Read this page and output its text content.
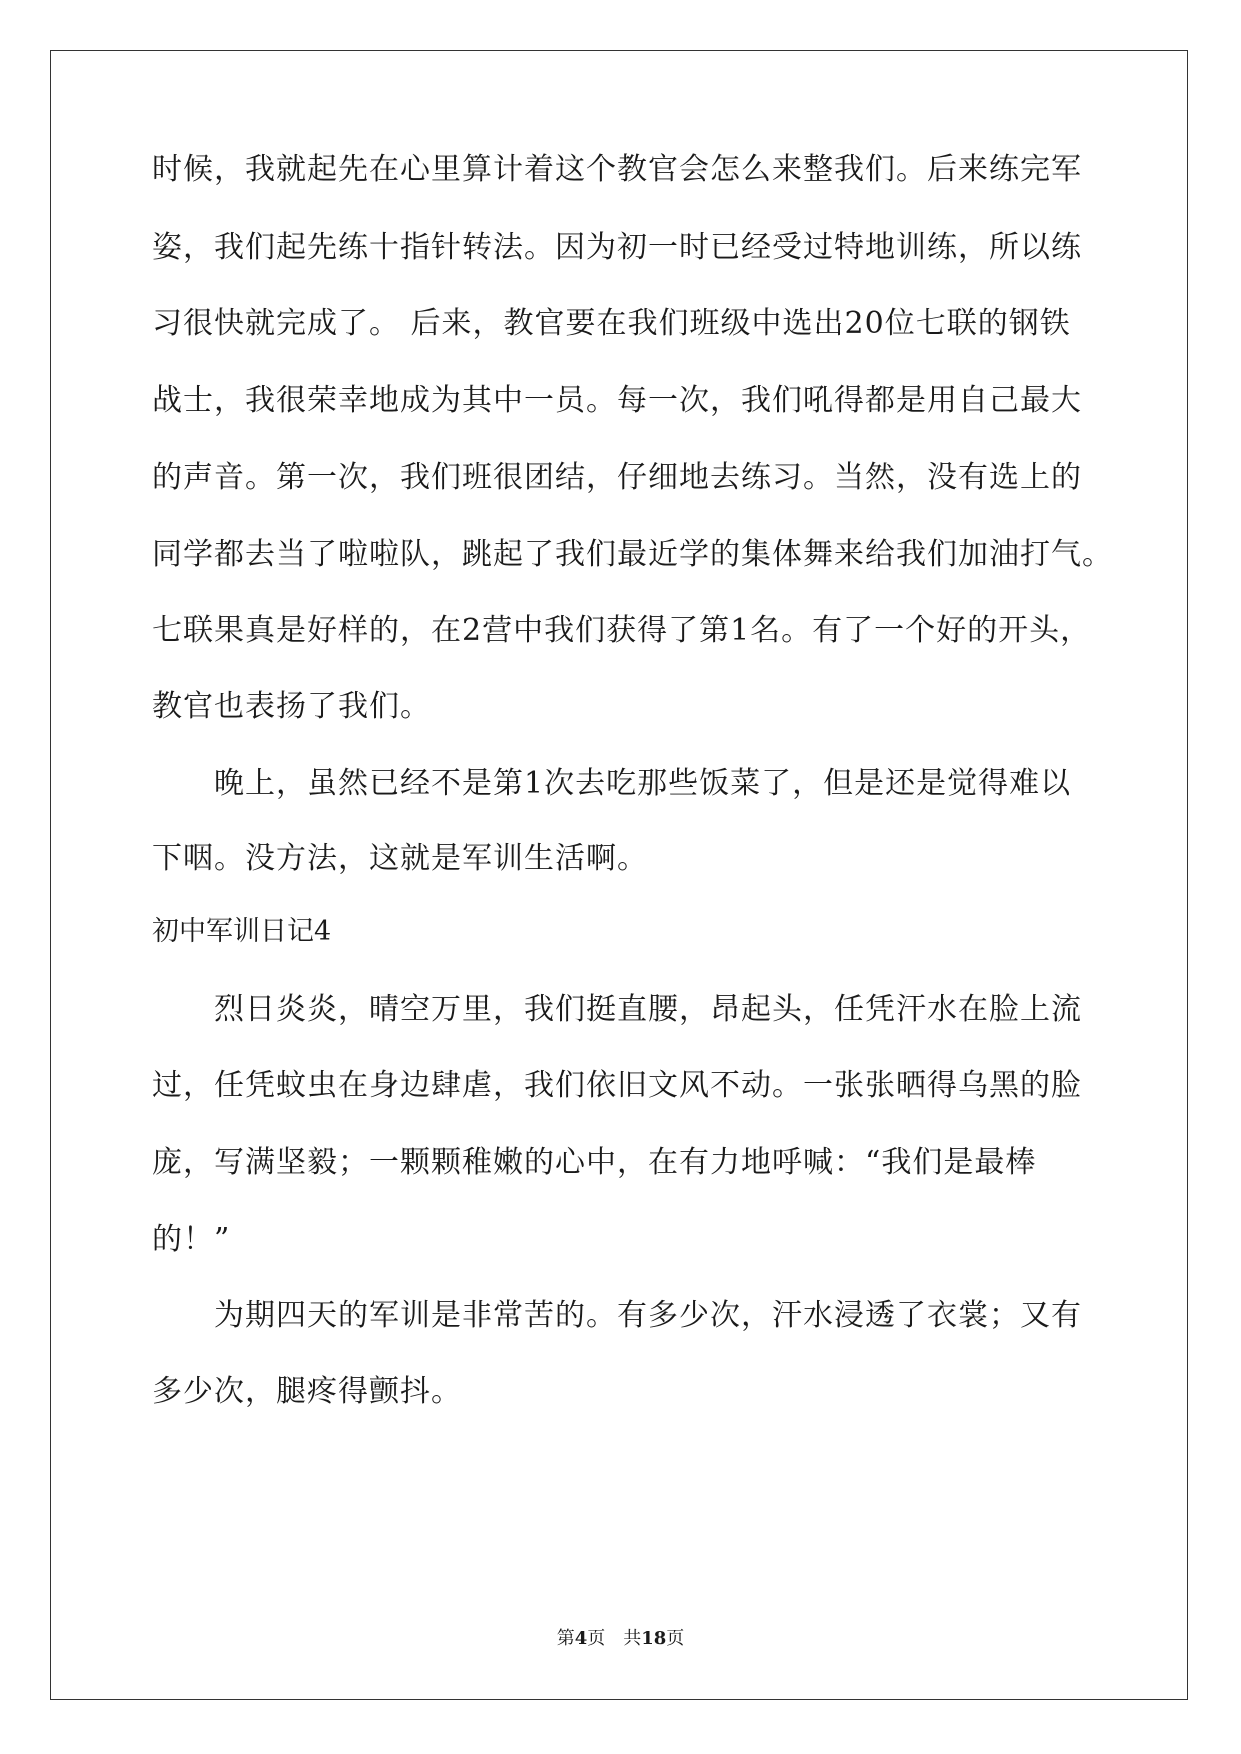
时候，我就起先在心里算计着这个教官会怎么来整我们。后来练完军
姿，我们起先练十指针转法。因为初一时已经受过特地训练，所以练
习很快就完成了。 后来，教官要在我们班级中选出20位七联的钢铁
战士，我很荣幸地成为其中一员。每一次，我们吼得都是用自己最大
的声音。第一次，我们班很团结，仔细地去练习。当然，没有选上的
同学都去当了啦啦队，跳起了我们最近学的集体舞来给我们加油打气。
七联果真是好样的，在2营中我们获得了第1名。有了一个好的开头，
教官也表扬了我们。
晚上，虽然已经不是第1次去吃那些饭菜了，但是还是觉得难以
下咽。没方法，这就是军训生活啊。
初中军训日记4
烈日炎炎，晴空万里，我们挺直腰，昂起头，任凭汗水在脸上流
过，任凭蚊虫在身边肆虐，我们依旧文风不动。一张张晒得乌黑的脸
庞，写满坚毅；一颗颗稚嫩的心中，在有力地呼喊：“我们是最棒
的！”
为期四天的军训是非常苦的。有多少次，汗水浸透了衣裳；又有
多少次，腿疼得颤抖。
第4页　共18页
